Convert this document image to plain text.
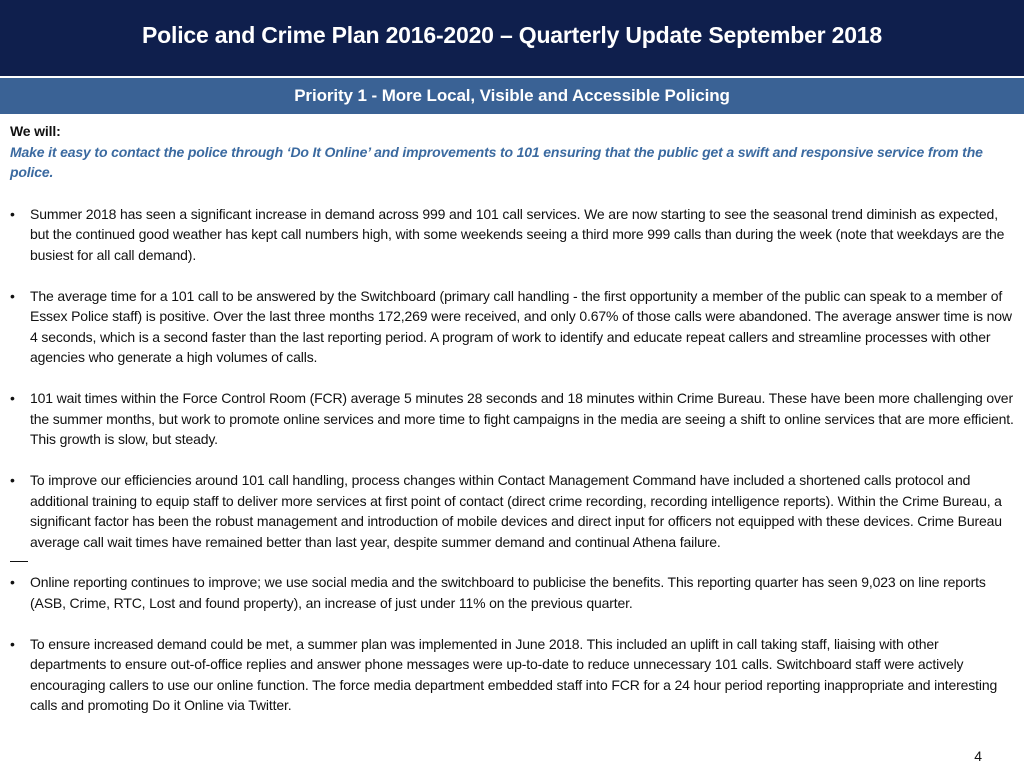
Police and Crime Plan 2016-2020 – Quarterly Update September 2018
Priority 1 - More Local, Visible and Accessible Policing

We will:

Make it easy to contact the police through ‘Do It Online’ and improvements to 101 ensuring that the public get a swift and responsive service from the police.

• Summer 2018 has seen a significant increase in demand across 999 and 101 call services. We are now starting to see the seasonal trend diminish as expected, but the continued good weather has kept call numbers high, with some weekends seeing a third more 999 calls than during the week (note that weekdays are the busiest for all call demand).
• The average time for a 101 call to be answered by the Switchboard (primary call handling - the first opportunity a member of the public can speak to a member of Essex Police staff) is positive. Over the last three months 172,269 were received, and only 0.67% of those calls were abandoned. The average answer time is now 4 seconds, which is a second faster than the last reporting period. A program of work to identify and educate repeat callers and streamline processes with other agencies who generate a high volumes of calls.
• 101 wait times within the Force Control Room (FCR) average 5 minutes 28 seconds and 18 minutes within Crime Bureau. These have been more challenging over the summer months, but work to promote online services and more time to fight campaigns in the media are seeing a shift to online services that are more efficient. This growth is slow, but steady.
• To improve our efficiencies around 101 call handling, process changes within Contact Management Command have included a shortened calls protocol and additional training to equip staff to deliver more services at first point of contact (direct crime recording, recording intelligence reports). Within the Crime Bureau, a significant factor has been the robust management and introduction of mobile devices and direct input for officers not equipped with these devices. Crime Bureau average call wait times have remained better than last year, despite summer demand and continual Athena failure.
• Online reporting continues to improve; we use social media and the switchboard to publicise the benefits. This reporting quarter has seen 9,023 on line reports (ASB, Crime, RTC, Lost and found property), an increase of just under 11% on the previous quarter.
• To ensure increased demand could be met, a summer plan was implemented in June 2018. This included an uplift in call taking staff, liaising with other departments to ensure out-of-office replies and answer phone messages were up-to-date to reduce unnecessary 101 calls. Switchboard staff were actively encouraging callers to use our online function. The force media department embedded staff into FCR for a 24 hour period reporting inappropriate and interesting calls and promoting Do it Online via Twitter.
4
